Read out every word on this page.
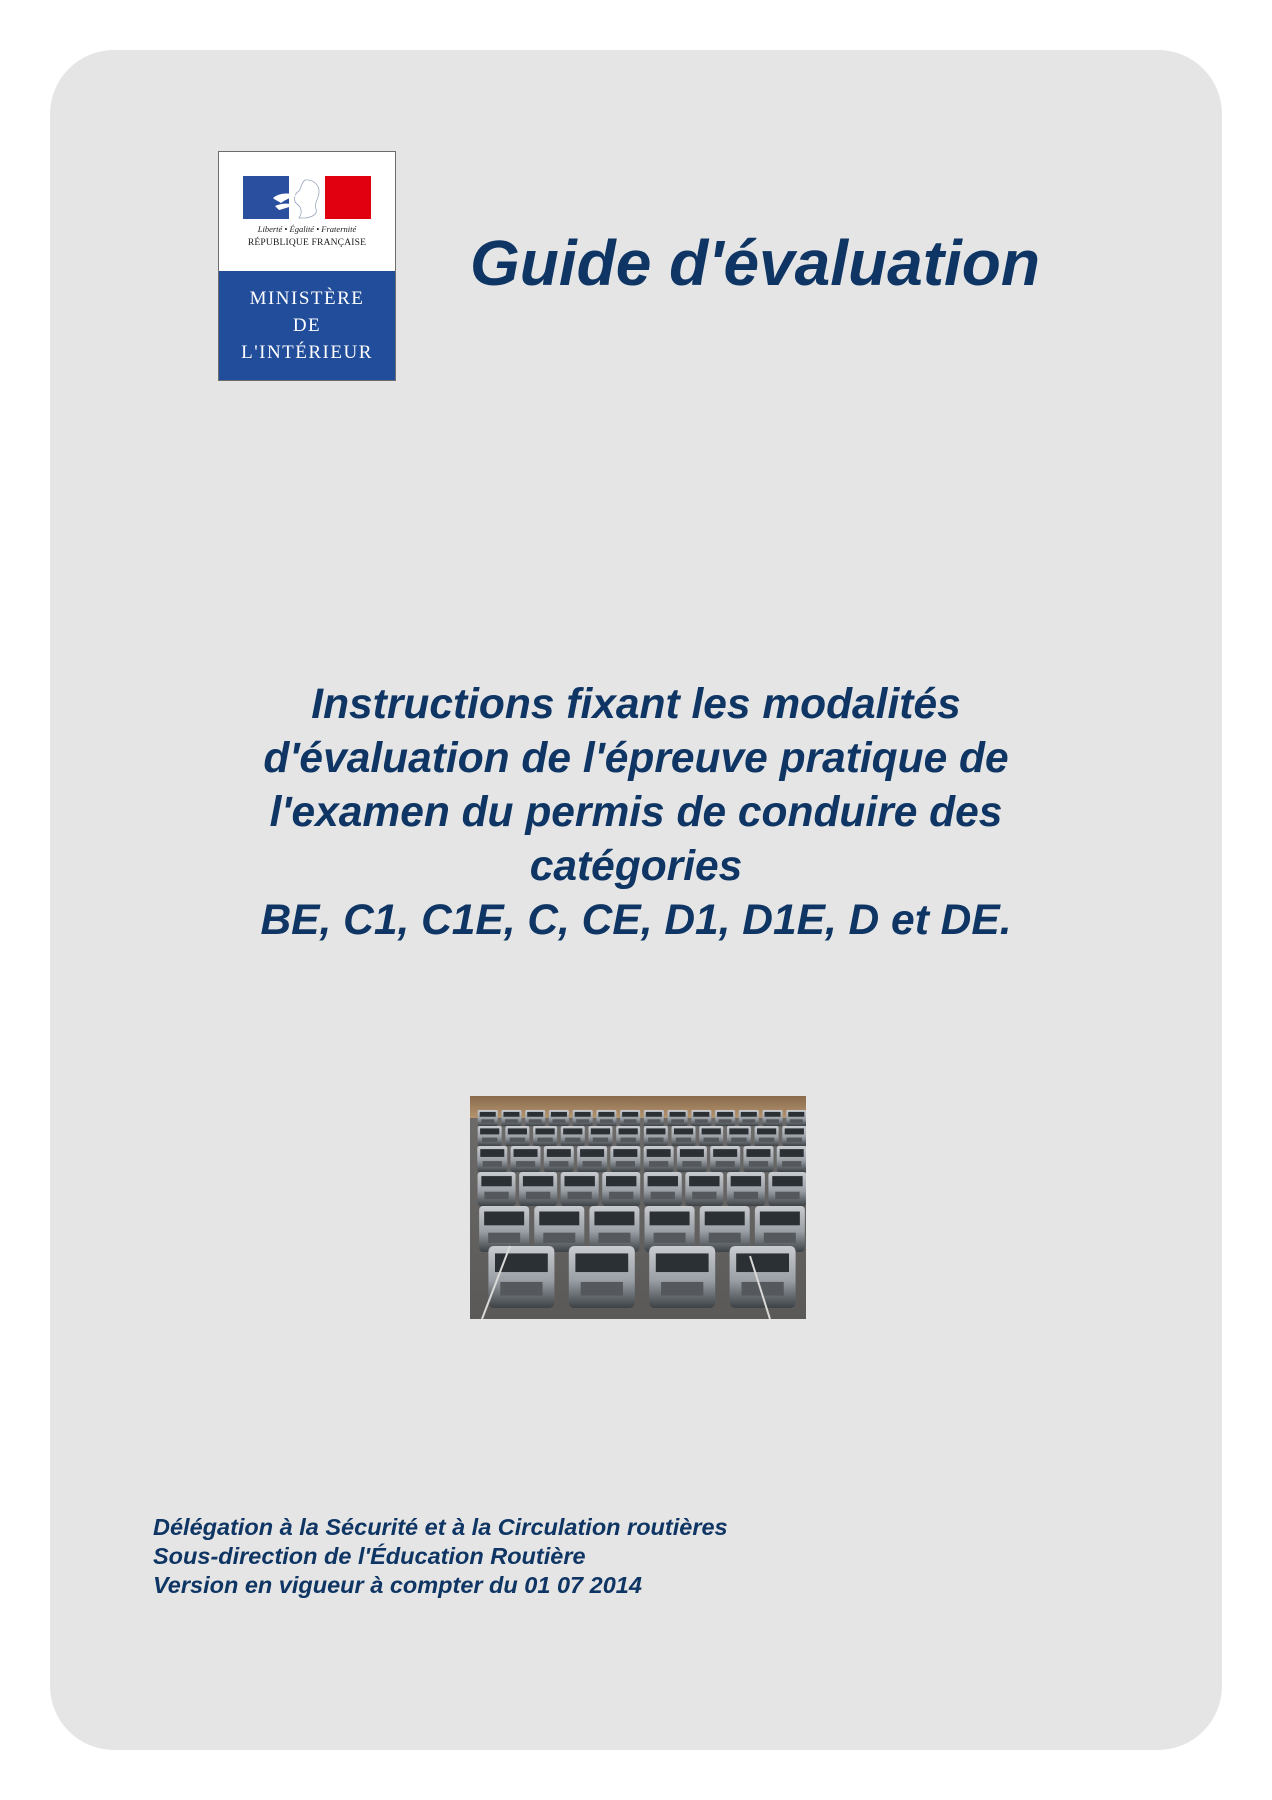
Liberté • Égalité • Fraternité
RÉPUBLIQUE FRANÇAISE
MINISTÈRE
DE
L'INTÉRIEUR
Guide d'évaluation
Instructions fixant les modalités
d'évaluation de l'épreuve pratique de
l'examen du permis de conduire des
catégories
BE, C1, C1E, C, CE, D1, D1E, D et DE.
Délégation à la Sécurité et à la Circulation routières
Sous-direction de l'Éducation Routière
Version en vigueur à compter du 01 07 2014
